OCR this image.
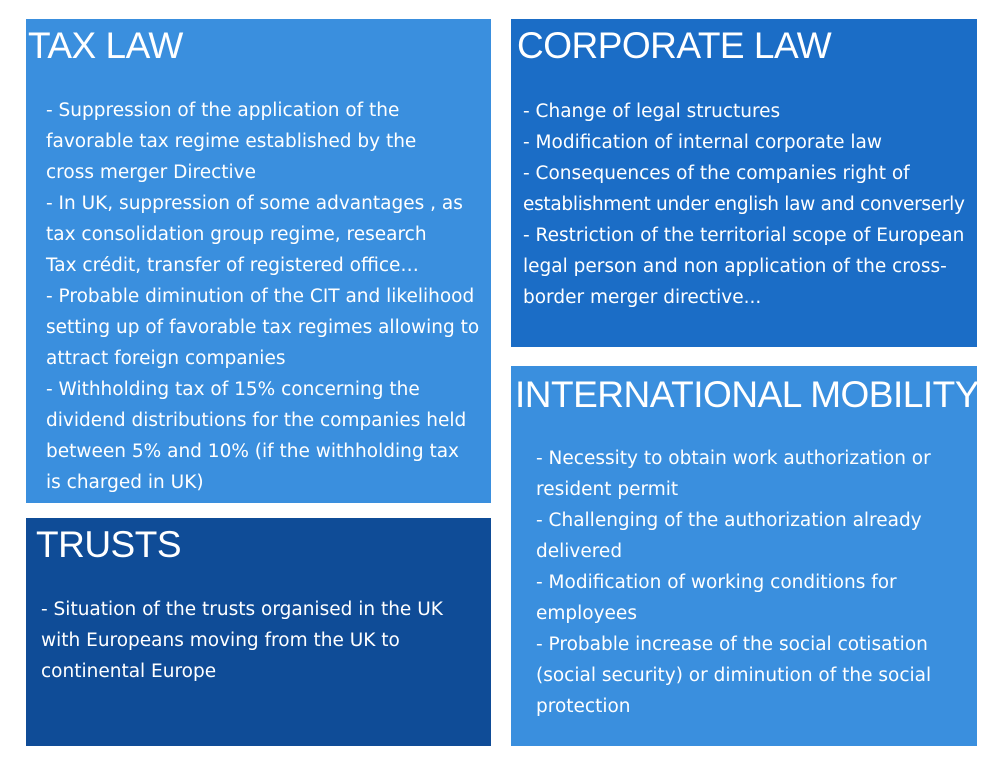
TAX LAW
- Suppression of the application of the
favorable tax regime established by the
cross merger Directive
- In UK, suppression of some advantages , as
tax consolidation group regime, research
Tax crédit, transfer of registered office…
- Probable diminution of the CIT and likelihood
setting up of favorable tax regimes allowing to
attract foreign companies
- Withholding tax of 15% concerning the
dividend distributions for the companies held
between 5% and 10% (if the withholding tax
is charged in UK)
CORPORATE LAW
- Change of legal structures
- Modification of internal corporate law
- Consequences of the companies right of
establishment under english law and converserly
- Restriction of the territorial scope of European
legal person and non application of the cross-
border merger directive...
TRUSTS
- Situation of the trusts organised in the UK
with Europeans moving from the UK to
continental Europe
INTERNATIONAL MOBILITY
- Necessity to obtain work authorization or
resident permit
- Challenging of the authorization already
delivered
- Modification of working conditions for
employees
- Probable increase of the social cotisation
(social security) or diminution of the social
protection
